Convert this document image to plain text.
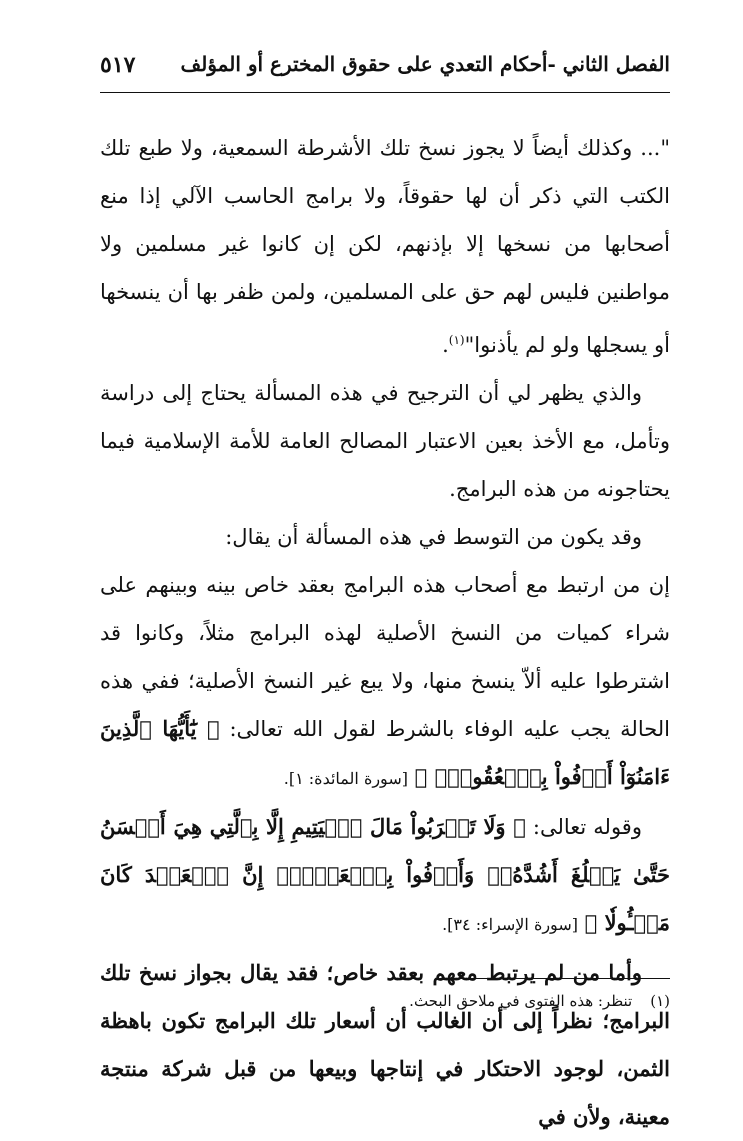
الفصل الثاني -أحكام التعدي على حقوق المخترع أو المؤلف
٥١٧

"... وكذلك أيضاً لا يجوز نسخ تلك الأشرطة السمعية، ولا طبع تلك الكتب التي ذكر أن لها حقوقاً، ولا برامج الحاسب الآلي إذا منع أصحابها من نسخها إلا بإذنهم، لكن إن كانوا غير مسلمين ولا مواطنين فليس لهم حق على المسلمين، ولمن ظفر بها أن ينسخها أو يسجلها ولو لم يأذنوا"$^{(١)}$.

والذي يظهر لي أن الترجيح في هذه المسألة يحتاج إلى دراسة وتأمل، مع الأخذ بعين الاعتبار المصالح العامة للأمة الإسلامية فيما يحتاجونه من هذه البرامج.

وقد يكون من التوسط في هذه المسألة أن يقال:

إن من ارتبط مع أصحاب هذه البرامج بعقد خاص بينه وبينهم على شراء كميات من النسخ الأصلية لهذه البرامج مثلاً، وكانوا قد اشترطوا عليه ألاّ ينسخ منها، ولا يبع غير النسخ الأصلية؛ ففي هذه الحالة يجب عليه الوفاء بالشرط لقول الله تعالى: ﴿ يَٰٓأَيُّهَا ٱلَّذِينَ ءَامَنُوٓاْ أَوۡفُواْ بِٱلۡعُقُودِۚ ﴾ [سورة المائدة: ١].

وقوله تعالى: ﴿ وَلَا تَقۡرَبُواْ مَالَ ٱلۡيَتِيمِ إِلَّا بِٱلَّتِي هِيَ أَحۡسَنُ حَتَّىٰ يَبۡلُغَ أَشُدَّهُۥۚ وَأَوۡفُواْ بِٱلۡعَهۡدِۖ إِنَّ ٱلۡعَهۡدَ كَانَ مَسۡـُٔولٗا ﴾ [سورة الإسراء: ٣٤].

وأما من لم يرتبط معهم بعقد خاص؛ فقد يقال بجواز نسخ تلك البرامج؛ نظراً إلى أن الغالب أن أسعار تلك البرامج تكون باهظة الثمن، لوجود الاحتكار في إنتاجها وبيعها من قبل شركة منتجة معينة، ولأن في

(١)تنظر: هذه الفتوى في ملاحق البحث.
